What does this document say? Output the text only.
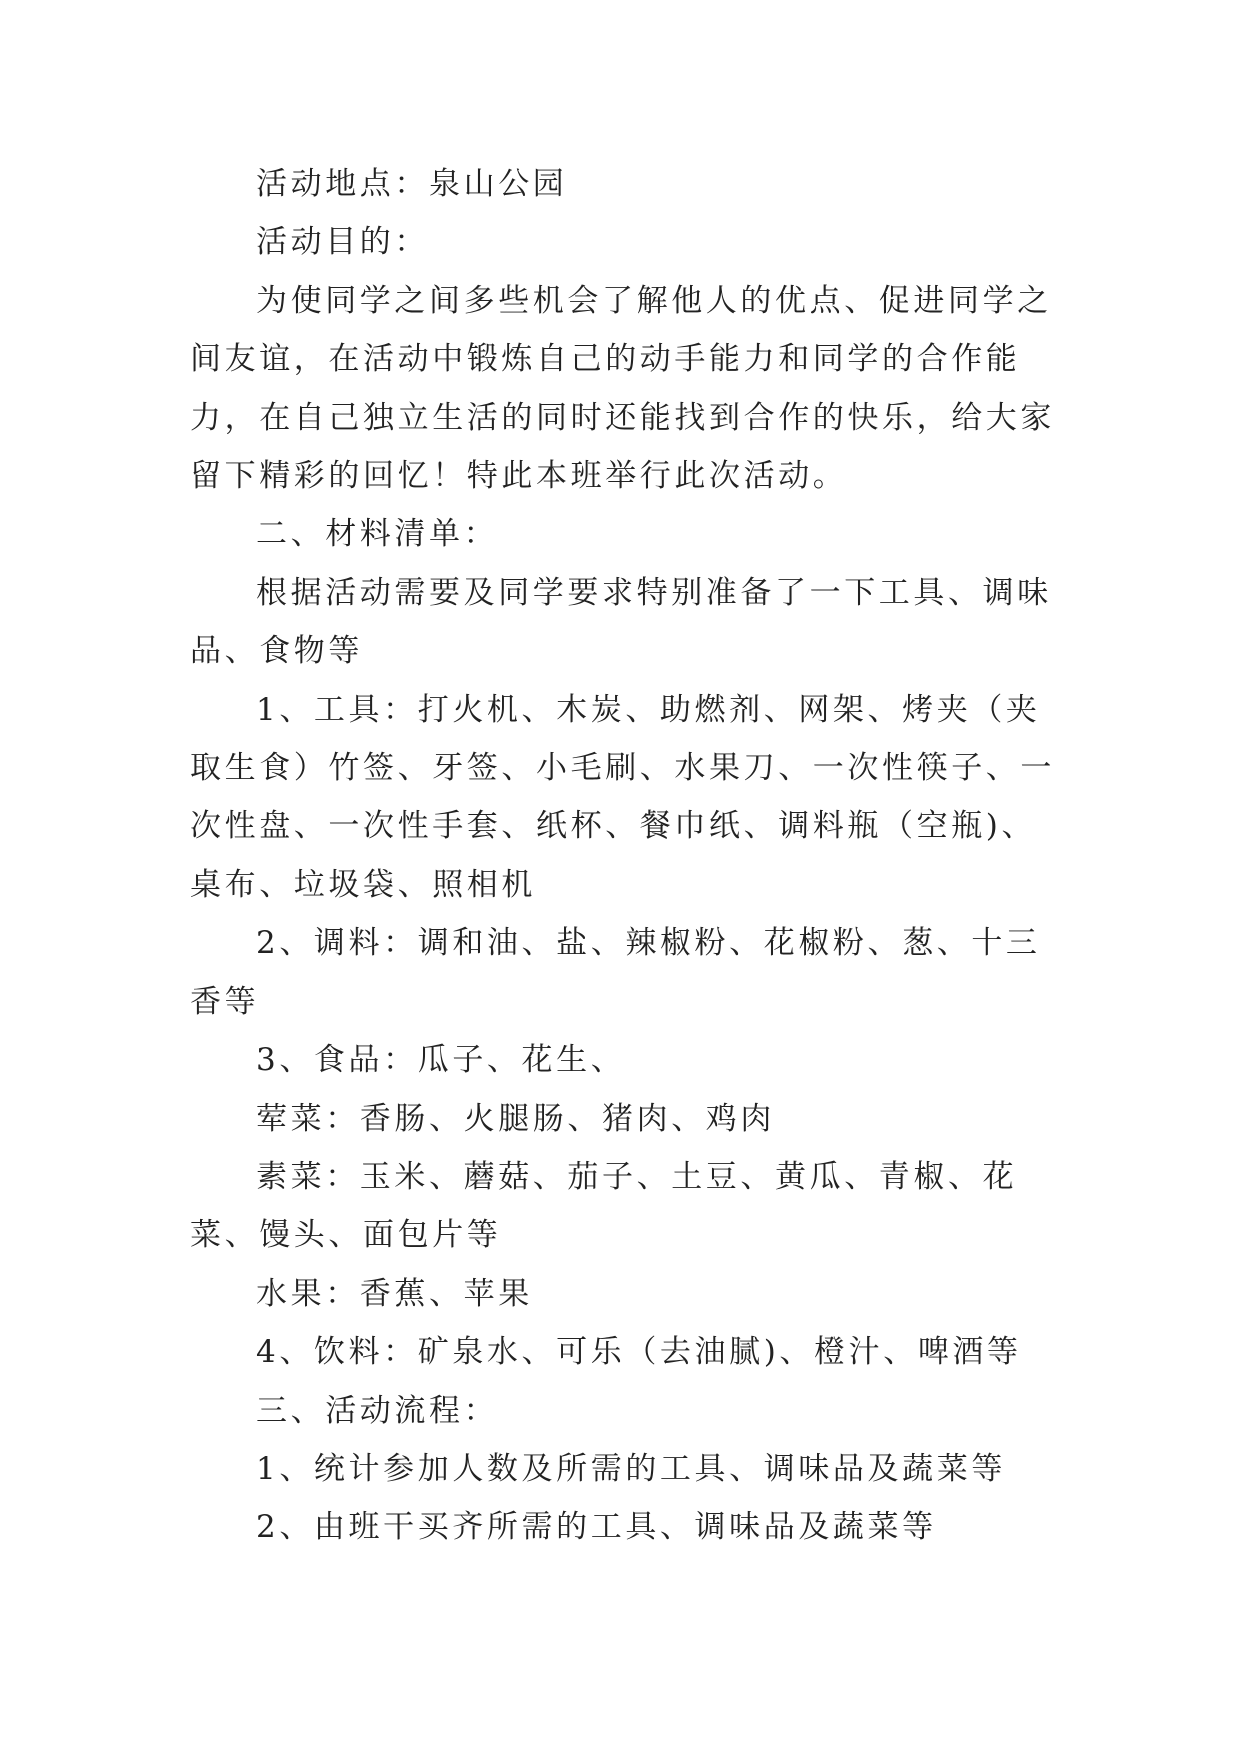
活动地点：泉山公园

活动目的：

为使同学之间多些机会了解他人的优点、促进同学之间友谊，在活动中锻炼自己的动手能力和同学的合作能力，在自己独立生活的同时还能找到合作的快乐，给大家留下精彩的回忆！特此本班举行此次活动。

二、材料清单：

根据活动需要及同学要求特别准备了一下工具、调味品、食物等

1、工具：打火机、木炭、助燃剂、网架、烤夹（夹取生食）竹签、牙签、小毛刷、水果刀、一次性筷子、一次性盘、一次性手套、纸杯、餐巾纸、调料瓶（空瓶)、桌布、垃圾袋、照相机

2、调料：调和油、盐、辣椒粉、花椒粉、葱、十三香等

3、食品：瓜子、花生、

荤菜：香肠、火腿肠、猪肉、鸡肉

素菜：玉米、蘑菇、茄子、土豆、黄瓜、青椒、花菜、馒头、面包片等

水果：香蕉、苹果

4、饮料：矿泉水、可乐（去油腻)、橙汁、啤酒等

三、活动流程：

1、统计参加人数及所需的工具、调味品及蔬菜等

2、由班干买齐所需的工具、调味品及蔬菜等
